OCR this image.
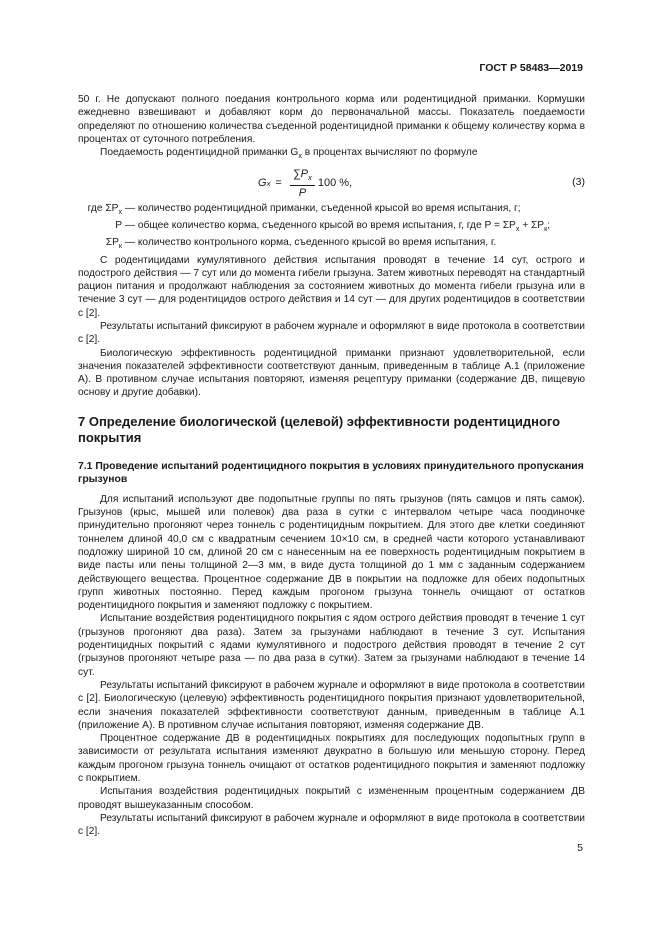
ГОСТ Р 58483—2019

50 г. Не допускают полного поедания контрольного корма или родентицидной приманки. Кормушки ежедневно взвешивают и добавляют корм до первоначальной массы. Показатель поедаемости определяют по отношению количества съеденной родентицидной приманки к общему количеству корма в процентах от суточного потребления.

Поедаемость родентицидной приманки $G_x$ в процентах вычисляют по формуле

G $x = \frac{\sum P_x}{P} 100$ %,	(3)

где $\Sigma P_x$ — количество родентицидной приманки, съеденной крысой во время испытания, г;

P — общее количество корма, съеденного крысой во время испытания, г, где $P = \Sigma P_x + \Sigma P_к$;

$\Sigma P_к$ — количество контрольного корма, съеденного крысой во время испытания, г.

С родентицидами кумулятивного действия испытания проводят в течение 14 сут, острого и подострого действия — 7 сут или до момента гибели грызуна. Затем животных переводят на стандартный рацион питания и продолжают наблюдения за состоянием животных до момента гибели грызуна или в течение 3 сут — для родентицидов острого действия и 14 сут — для других родентицидов в соответствии с [2].

Результаты испытаний фиксируют в рабочем журнале и оформляют в виде протокола в соответствии с [2].

Биологическую эффективность родентицидной приманки признают удовлетворительной, если значения показателей эффективности соответствуют данным, приведенным в таблице А.1 (приложение А). В противном случае испытания повторяют, изменяя рецептуру приманки (содержание ДВ, пищевую основу и другие добавки).

7 Определение биологической (целевой) эффективности родентицидного покрытия
7.1 Проведение испытаний родентицидного покрытия в условиях принудительного пропускания грызунов

Для испытаний используют две подопытные группы по пять грызунов (пять самцов и пять самок). Грызунов (крыс, мышей или полевок) два раза в сутки с интервалом четыре часа поодиночке принудительно прогоняют через тоннель с родентицидным покрытием. Для этого две клетки соединяют тоннелем длиной 40,0 см с квадратным сечением 10×10 см, в средней части которого устанавливают подложку шириной 10 см, длиной 20 см с нанесенным на ее поверхность родентицидным покрытием в виде пасты или пены толщиной 2—3 мм, в виде дуста толщиной до 1 мм с заданным содержанием действующего вещества. Процентное содержание ДВ в покрытии на подложке для обеих подопытных групп животных постоянно. Перед каждым прогоном грызуна тоннель очищают от остатков родентицидного покрытия и заменяют подложку с покрытием.

Испытание воздействия родентицидного покрытия с ядом острого действия проводят в течение 1 сут (грызунов прогоняют два раза). Затем за грызунами наблюдают в течение 3 сут. Испытания родентицидных покрытий с ядами кумулятивного и подострого действия проводят в течение 2 сут (грызунов прогоняют четыре раза — по два раза в сутки). Затем за грызунами наблюдают в течение 14 сут.

Результаты испытаний фиксируют в рабочем журнале и оформляют в виде протокола в соответствии с [2]. Биологическую (целевую) эффективность родентицидного покрытия признают удовлетворительной, если значения показателей эффективности соответствуют данным, приведенным в таблице А.1 (приложение А). В противном случае испытания повторяют, изменяя содержание ДВ.

Процентное содержание ДВ в родентицидных покрытиях для последующих подопытных групп в зависимости от результата испытания изменяют двукратно в большую или меньшую сторону. Перед каждым прогоном грызуна тоннель очищают от остатков родентицидного покрытия и заменяют подложку с покрытием.

Испытания воздействия родентицидных покрытий с измененным процентным содержанием ДВ проводят вышеуказанным способом.

Результаты испытаний фиксируют в рабочем журнале и оформляют в виде протокола в соответствии с [2].

5
